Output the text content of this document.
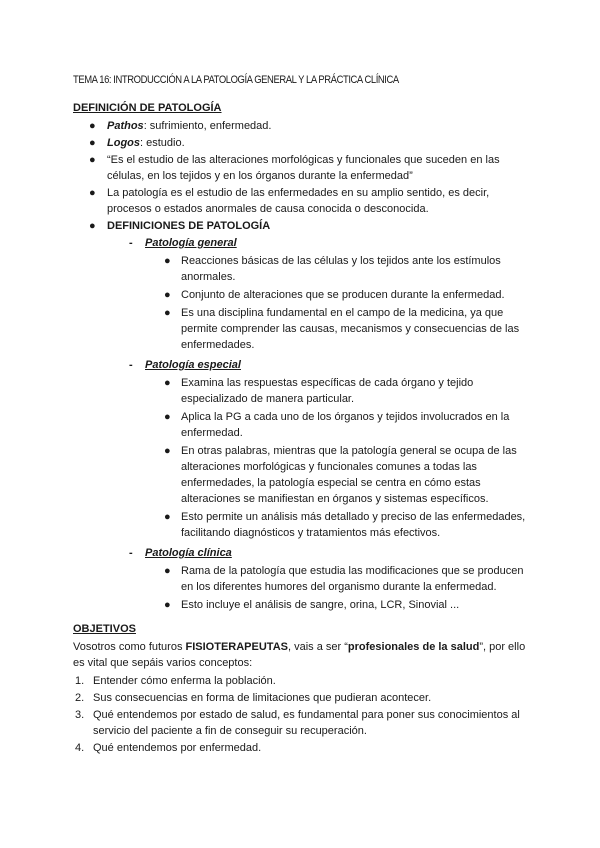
TEMA 16: INTRODUCCIÓN A LA PATOLOGÍA GENERAL Y LA PRÁCTICA CLÍNICA
DEFINICIÓN DE PATOLOGÍA
● Pathos: sufrimiento, enfermedad.
● Logos: estudio.
● “Es el estudio de las alteraciones morfológicas y funcionales que suceden en las células, en los tejidos y en los órganos durante la enfermedad”
● La patología es el estudio de las enfermedades en su amplio sentido, es decir, procesos o estados anormales de causa conocida o desconocida.
● DEFINICIONES DE PATOLOGÍA
- Patología general
● Reacciones básicas de las células y los tejidos ante los estímulos anormales.
● Conjunto de alteraciones que se producen durante la enfermedad.
● Es una disciplina fundamental en el campo de la medicina, ya que permite comprender las causas, mecanismos y consecuencias de las enfermedades.
- Patología especial
● Examina las respuestas específicas de cada órgano y tejido especializado de manera particular.
● Aplica la PG a cada uno de los órganos y tejidos involucrados en la enfermedad.
● En otras palabras, mientras que la patología general se ocupa de las alteraciones morfológicas y funcionales comunes a todas las enfermedades, la patología especial se centra en cómo estas alteraciones se manifiestan en órganos y sistemas específicos.
● Esto permite un análisis más detallado y preciso de las enfermedades, facilitando diagnósticos y tratamientos más efectivos.
- Patología clínica
● Rama de la patología que estudia las modificaciones que se producen en los diferentes humores del organismo durante la enfermedad.
● Esto incluye el análisis de sangre, orina, LCR, Sinovial ...
OBJETIVOS

Vosotros como futuros FISIOTERAPEUTAS, vais a ser “profesionales de la salud”, por ello es vital que sepáis varios conceptos:

1. Entender cómo enferma la población.
2. Sus consecuencias en forma de limitaciones que pudieran acontecer.
3. Qué entendemos por estado de salud, es fundamental para poner sus conocimientos al servicio del paciente a fin de conseguir su recuperación.
4. Qué entendemos por enfermedad.
